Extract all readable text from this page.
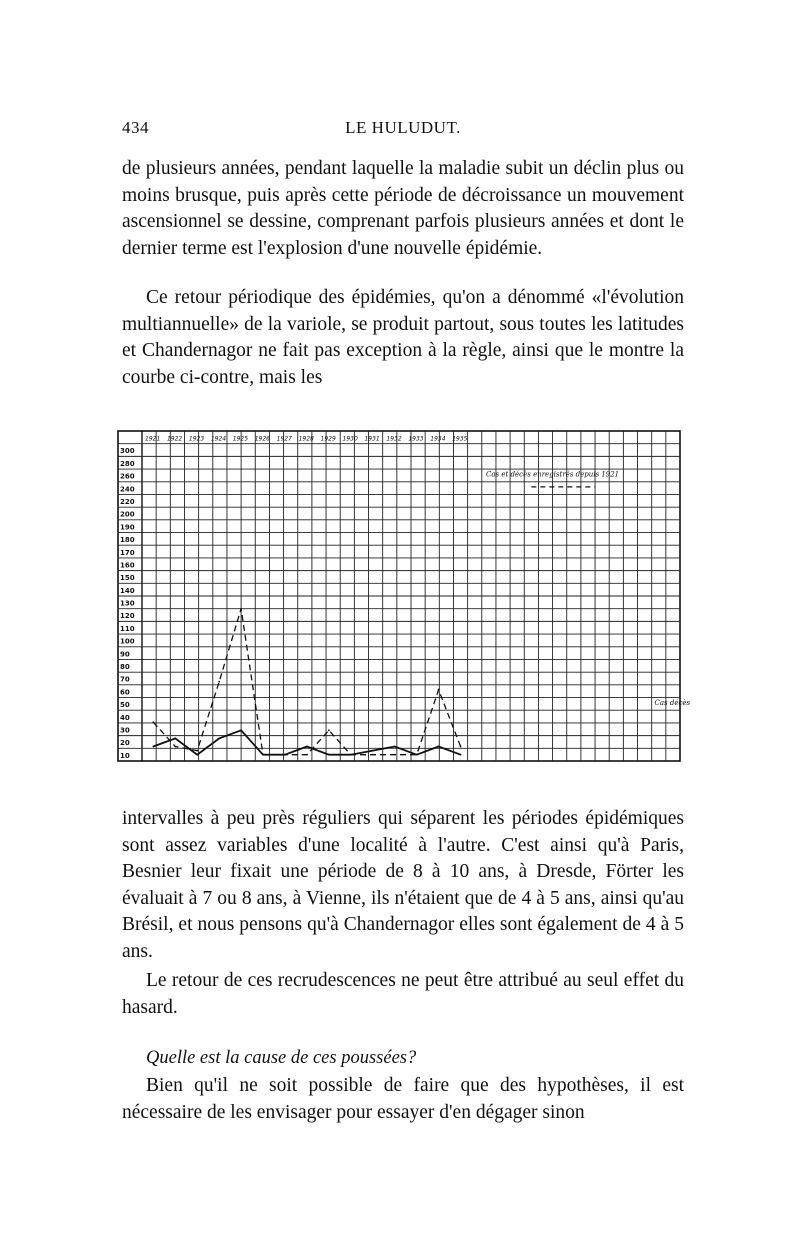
434	LE HULUDUT.

de plusieurs années, pendant laquelle la maladie subit un déclin plus ou moins brusque, puis après cette période de décroissance un mouvement ascensionnel se dessine, comprenant parfois plusieurs années et dont le dernier terme est l'explosion d'une nouvelle épidémie.

Ce retour périodique des épidémies, qu'on a dénommé «l'évolution multiannuelle» de la variole, se produit partout, sous toutes les latitudes et Chandernagor ne fait pas exception à la règle, ainsi que le montre la courbe ci-contre, mais les

1921 1922 1923 1924 1925 1926 1927 1928 1929 1930 1931 1932 1933 1934 1935
300
280
260
240
220
200
190
180
170
160
150
140
130
120
110
100
90
80
70
60
50
40
30
20
10
Cas et décès enregistrés depuis 1921
Cas décès

intervalles à peu près réguliers qui séparent les périodes épidémiques sont assez variables d'une localité à l'autre. C'est ainsi qu'à Paris, Besnier leur fixait une période de 8 à 10 ans, à Dresde, Förter les évaluait à 7 ou 8 ans, à Vienne, ils n'étaient que de 4 à 5 ans, ainsi qu'au Brésil, et nous pensons qu'à Chandernagor elles sont également de 4 à 5 ans.

Le retour de ces recrudescences ne peut être attribué au seul effet du hasard.

Quelle est la cause de ces poussées?

Bien qu'il ne soit possible de faire que des hypothèses, il est nécessaire de les envisager pour essayer d'en dégager sinon
